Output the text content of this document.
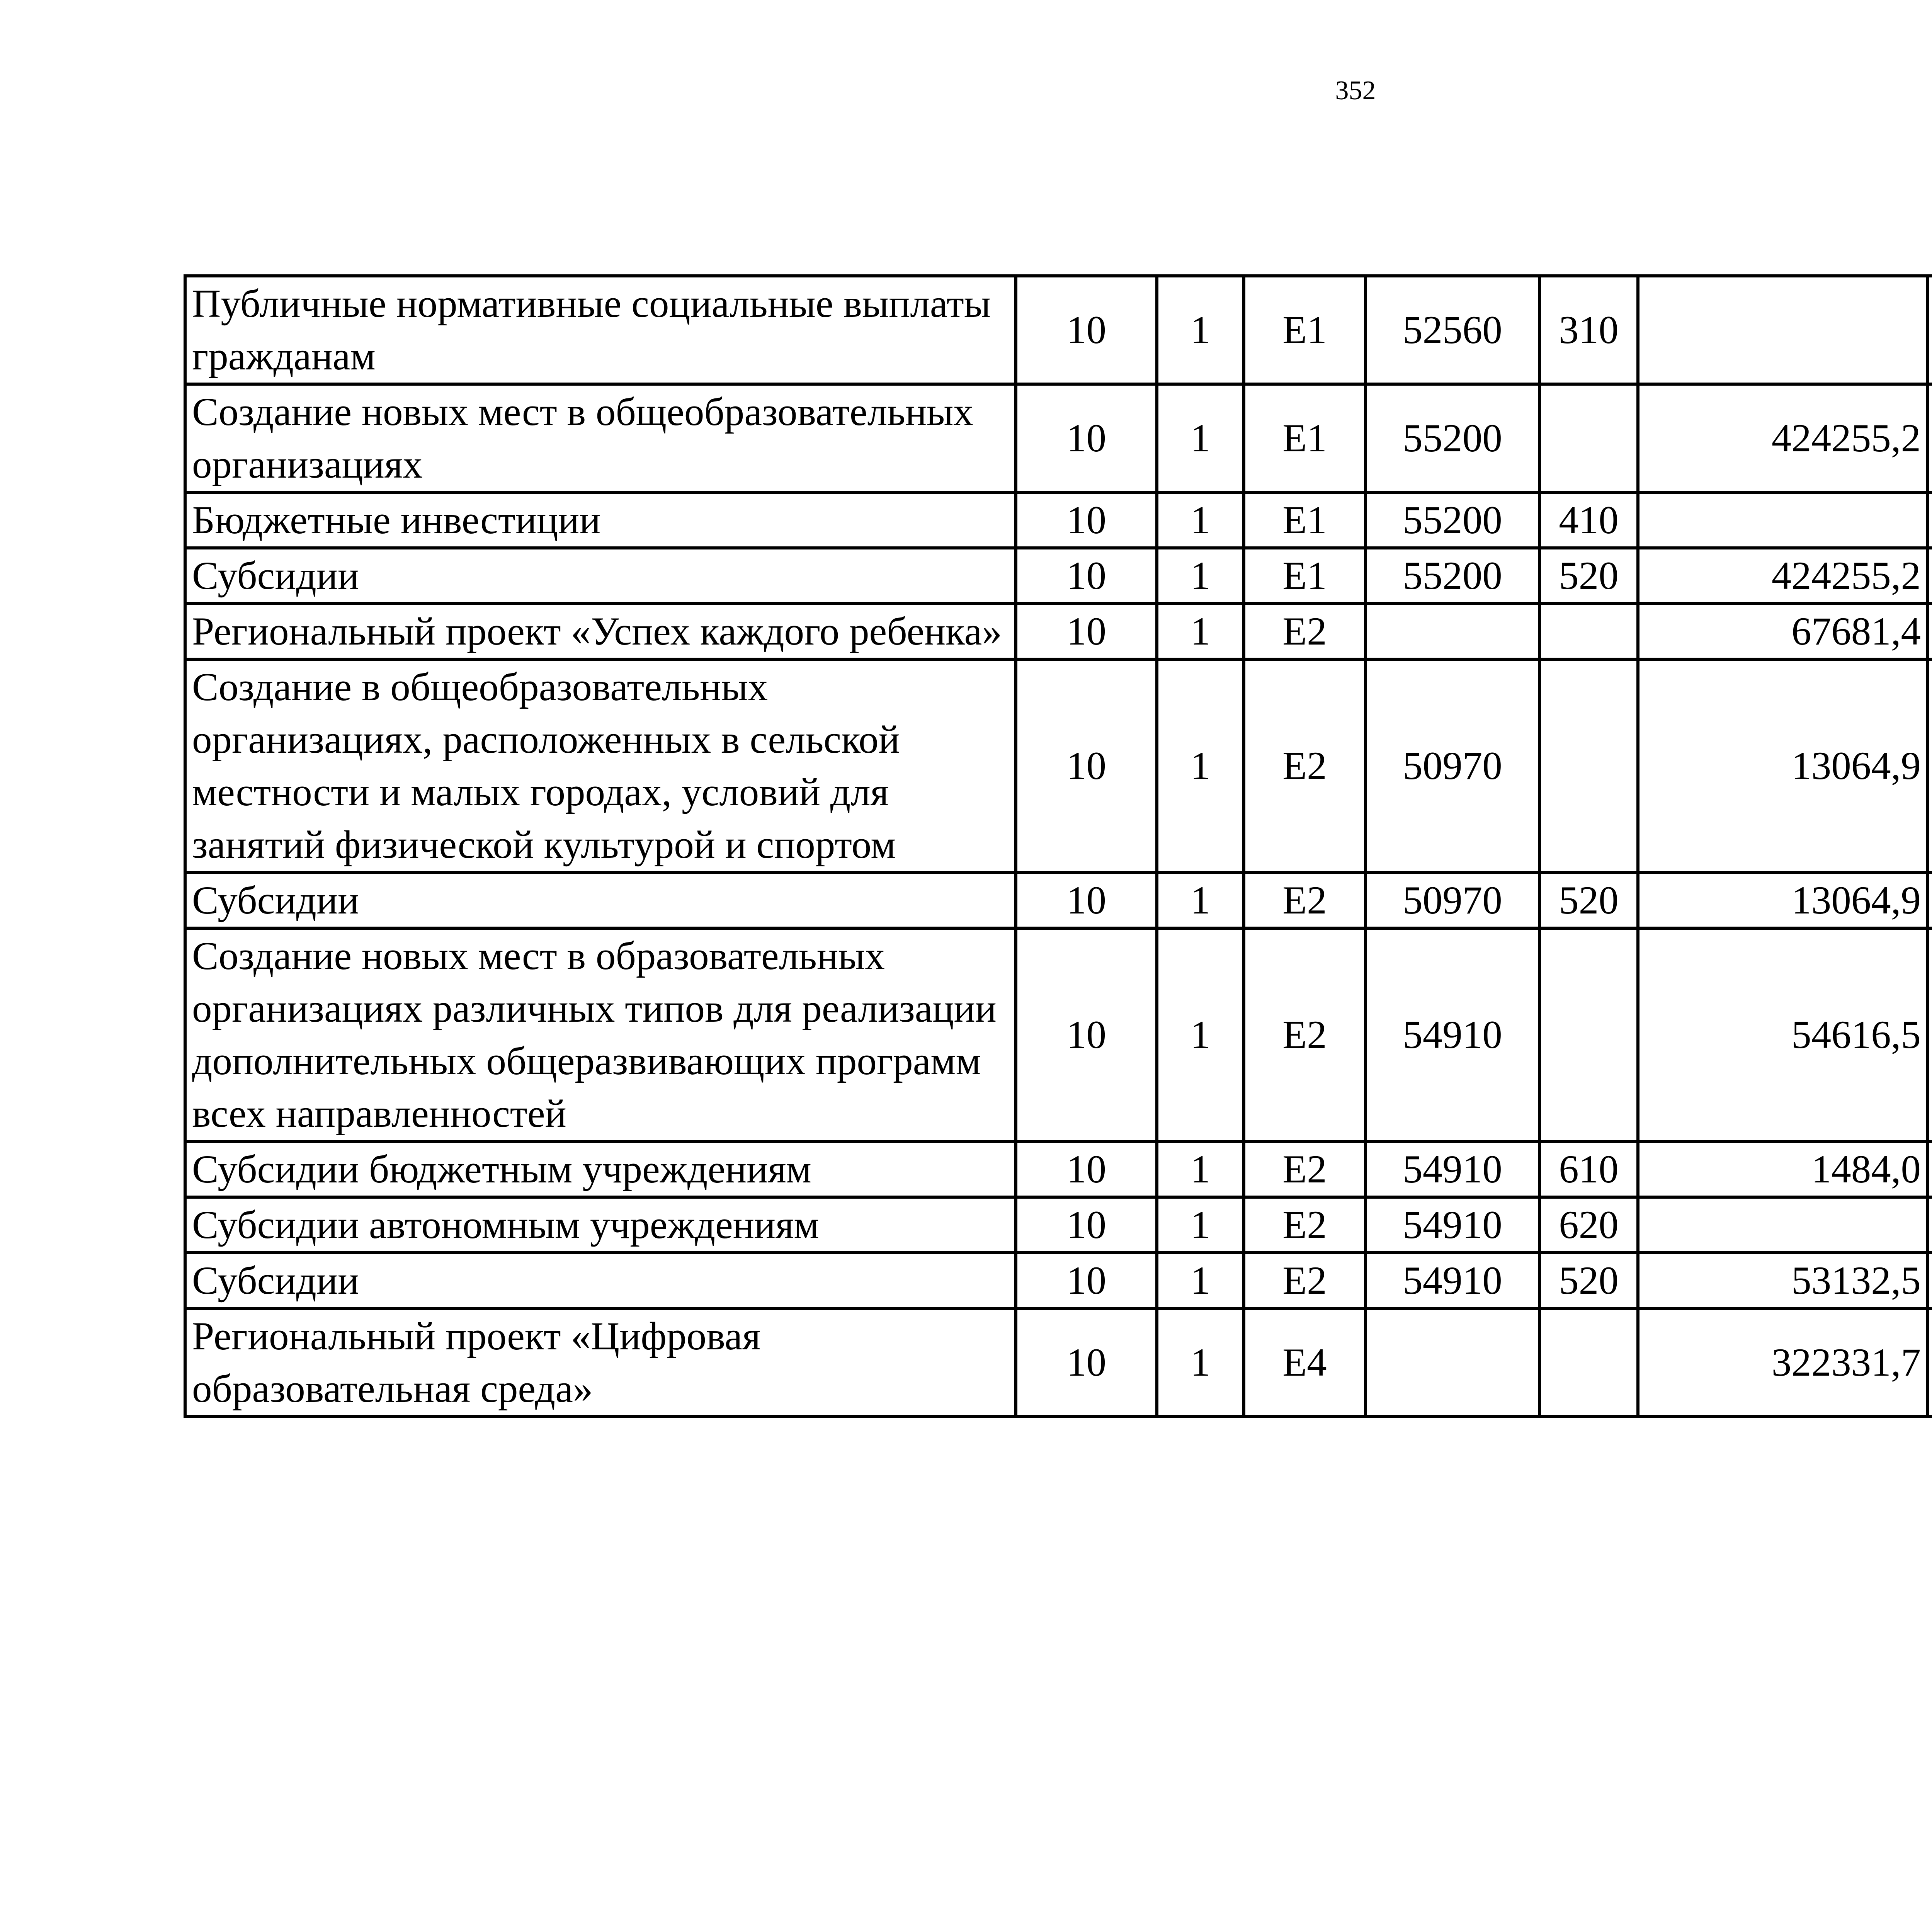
352
Публичные нормативные социальные выплаты гражданам	10	1	E1	52560	310			
Создание новых мест в общеобразовательных организациях	10	1	E1	55200		424255,2		
Бюджетные инвестиции	10	1	E1	55200	410			
Субсидии	10	1	E1	55200	520	424255,2		
Региональный проект «Успех каждого ребенка»	10	1	E2			67681,4		
Создание в общеобразовательных организациях, расположенных в сельской местности и малых городах, условий для занятий физической культурой и спортом	10	1	E2	50970		13064,9		
Субсидии	10	1	E2	50970	520	13064,9		
Создание новых мест в образовательных организациях различных типов для реализации дополнительных общеразвивающих программ всех направленностей	10	1	E2	54910		54616,5		
Субсидии бюджетным учреждениям	10	1	E2	54910	610	1484,0		
Субсидии автономным учреждениям	10	1	E2	54910	620			
Субсидии	10	1	E2	54910	520	53132,5		
Региональный проект «Цифровая образовательная среда»	10	1	E4			322331,7		
